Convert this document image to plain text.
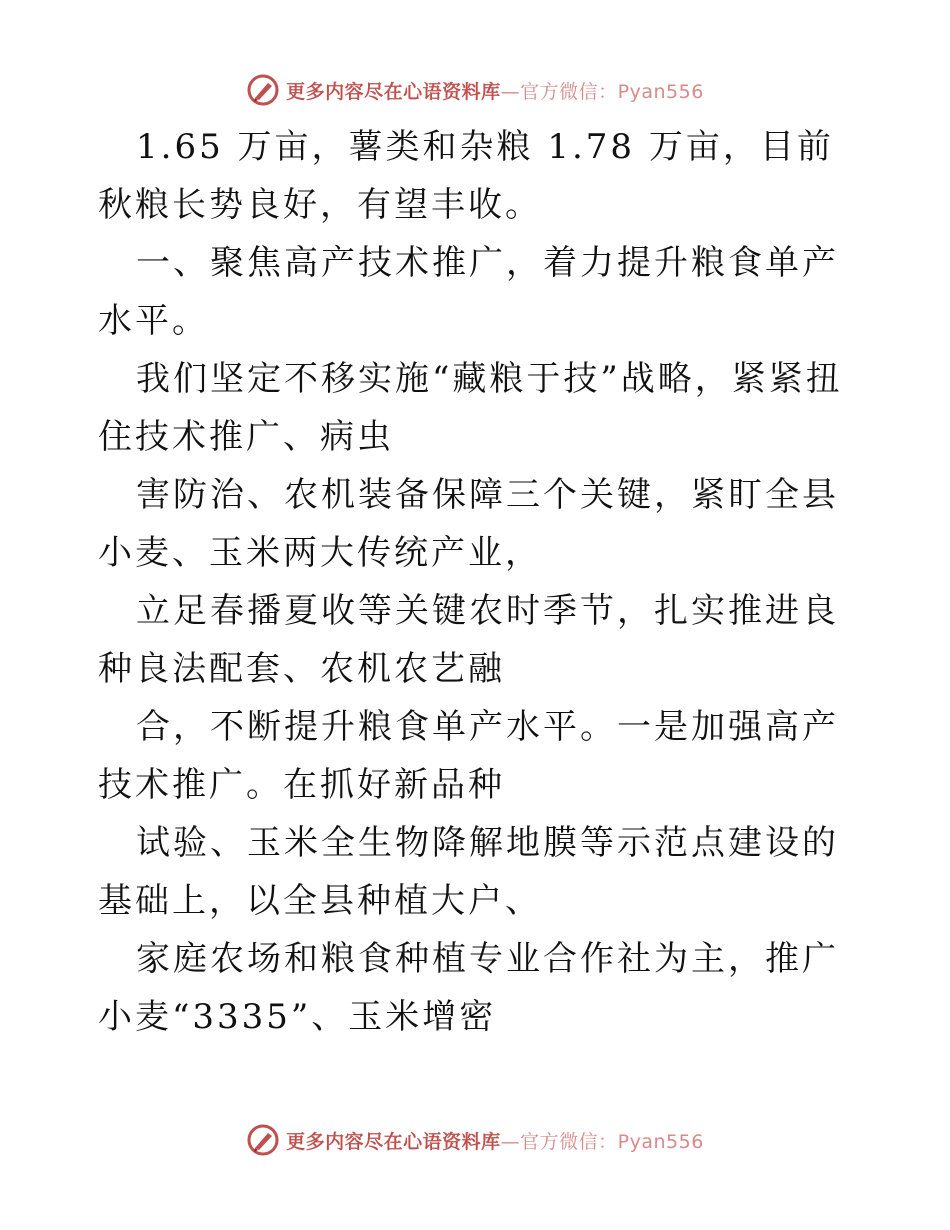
更多内容尽在心语资料库—官方微信：Pyan556

1.65 万亩，薯类和杂粮 1.78 万亩，目前秋粮长势良好，有望丰收。

一、聚焦高产技术推广，着力提升粮食单产水平。

我们坚定不移实施“藏粮于技”战略，紧紧扭住技术推广、病虫

害防治、农机装备保障三个关键，紧盯全县小麦、玉米两大传统产业，

立足春播夏收等关键农时季节，扎实推进良种良法配套、农机农艺融

合，不断提升粮食单产水平。一是加强高产技术推广。在抓好新品种

试验、玉米全生物降解地膜等示范点建设的基础上，以全县种植大户、

家庭农场和粮食种植专业合作社为主，推广小麦“3335”、玉米增密

更多内容尽在心语资料库—官方微信：Pyan556
